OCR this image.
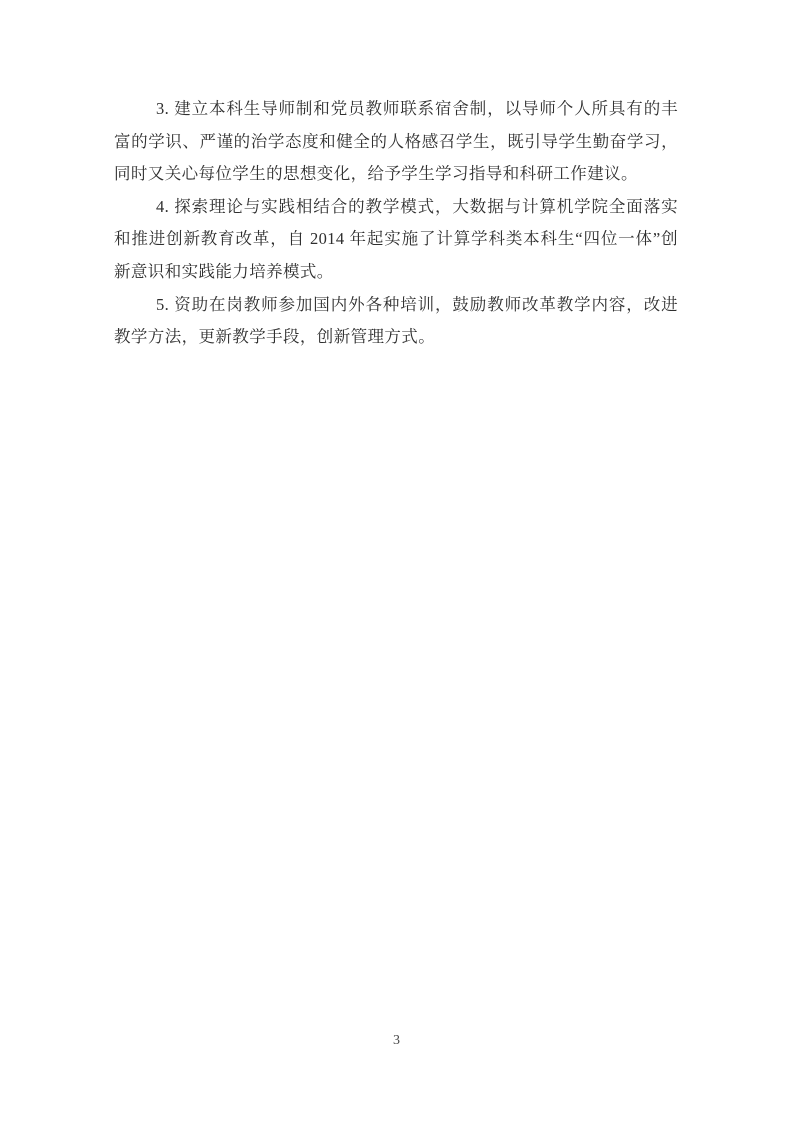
3. 建立本科生导师制和党员教师联系宿舍制，以导师个人所具有的丰富的学识、严谨的治学态度和健全的人格感召学生，既引导学生勤奋学习，同时又关心每位学生的思想变化，给予学生学习指导和科研工作建议。

4. 探索理论与实践相结合的教学模式，大数据与计算机学院全面落实和推进创新教育改革，自 2014 年起实施了计算学科类本科生“四位一体”创新意识和实践能力培养模式。

5. 资助在岗教师参加国内外各种培训，鼓励教师改革教学内容，改进教学方法，更新教学手段，创新管理方式。

3
